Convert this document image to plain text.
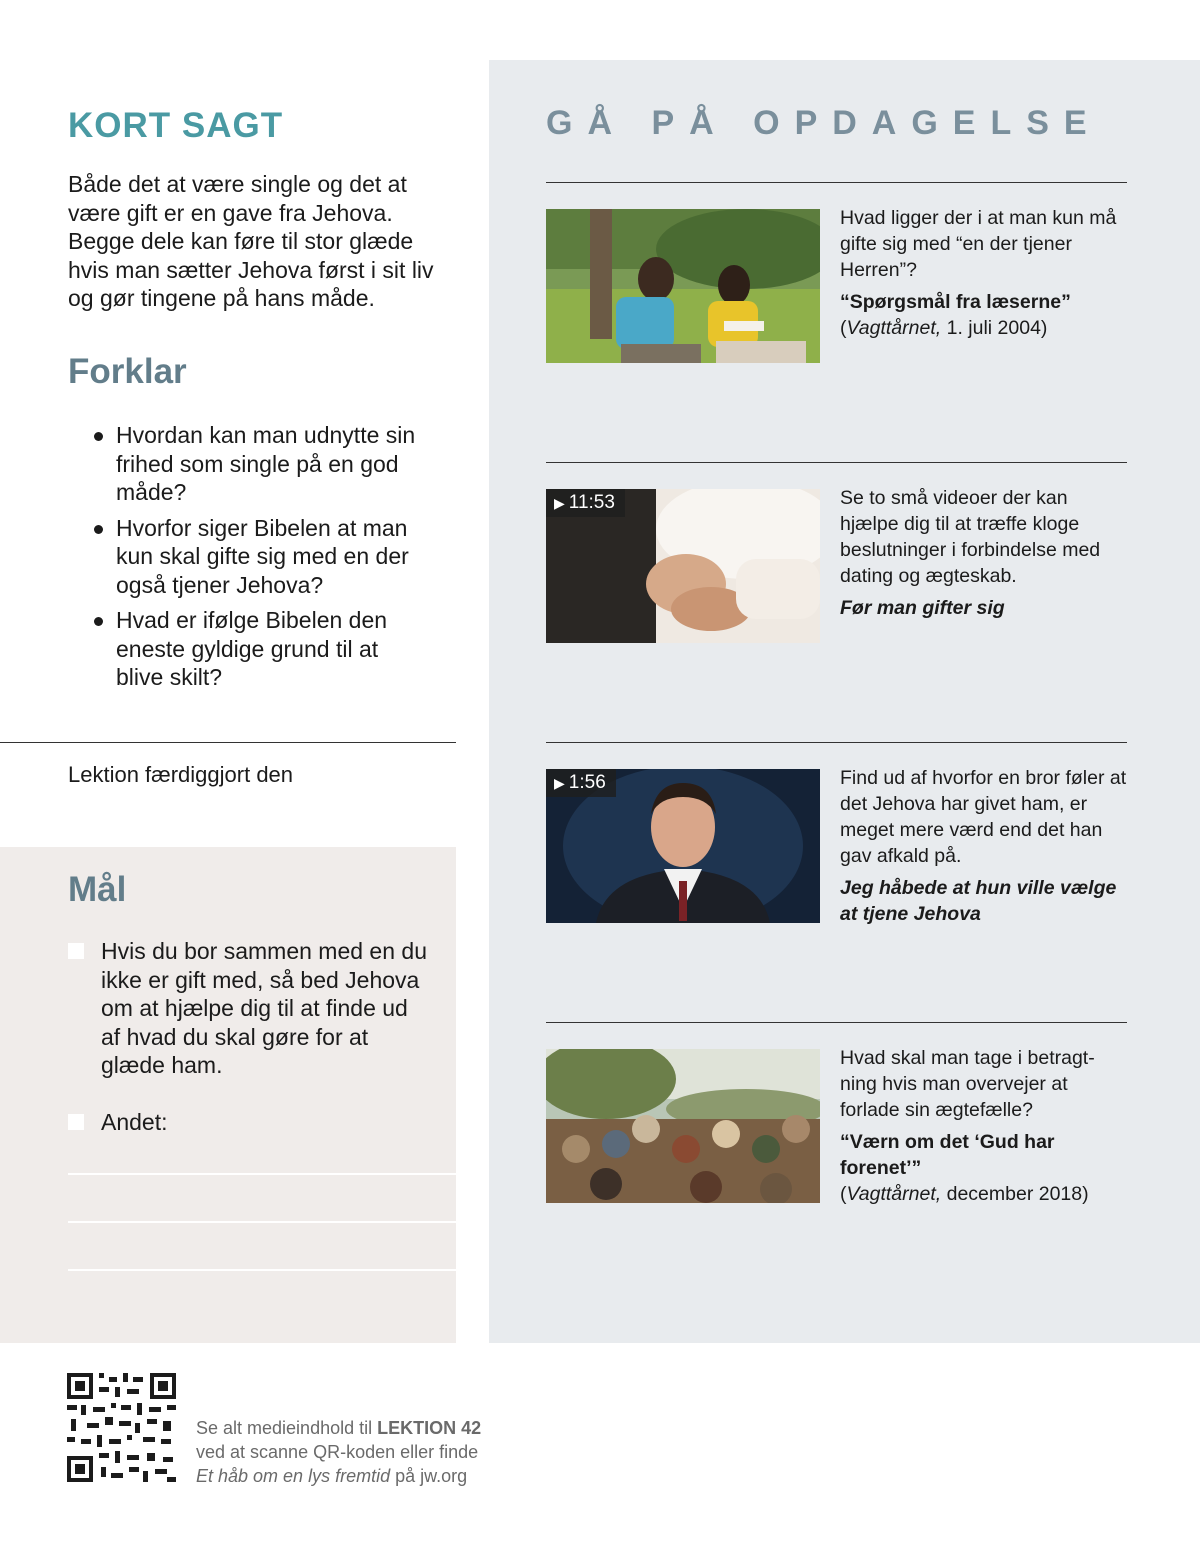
KORT SAGT

Både det at være single og det at være gift er en gave fra Jehova. Begge dele kan føre til stor glæde hvis man sætter Jehova først i sit liv og gør tingene på hans måde.

Forklar
Hvordan kan man udnytte sin frihed som single på en god måde?
Hvorfor siger Bibelen at man kun skal gifte sig med en der også tjener Jehova?
Hvad er ifølge Bibelen den eneste gyldige grund til at blive skilt?

Lektion færdiggjort den

Mål
Hvis du bor sammen med en du ikke er gift med, så bed Jehova om at hjælpe dig til at finde ud af hvad du skal gøre for at glæde ham.
Andet:
GÅ PÅ OPDAGELSE

Hvad ligger der i at man kun må gifte sig med “en der tjener Herren”?

“Spørgsmål fra læserne”

(Vagttårnet, 1. juli 2004)

▶ 11:53	Se to små videoer der kan hjælpe dig til at træffe kloge beslutninger i forbindelse med dating og ægteskab.

Før man gifter sig

▶ 1:56	Find ud af hvorfor en bror føler at det Jehova har givet ham, er meget mere værd end det han gav afkald på.

Jeg håbede at hun ville vælge at tjene Jehova

Hvad skal man tage i betragt-ning hvis man overvejer at forlade sin ægtefælle?

“Værn om det ‘Gud har forenet’”

(Vagttårnet, december 2018)

Se alt medieindhold til LEKTION 42
ved at scanne QR-koden eller finde
Et håb om en lys fremtid på jw.org
